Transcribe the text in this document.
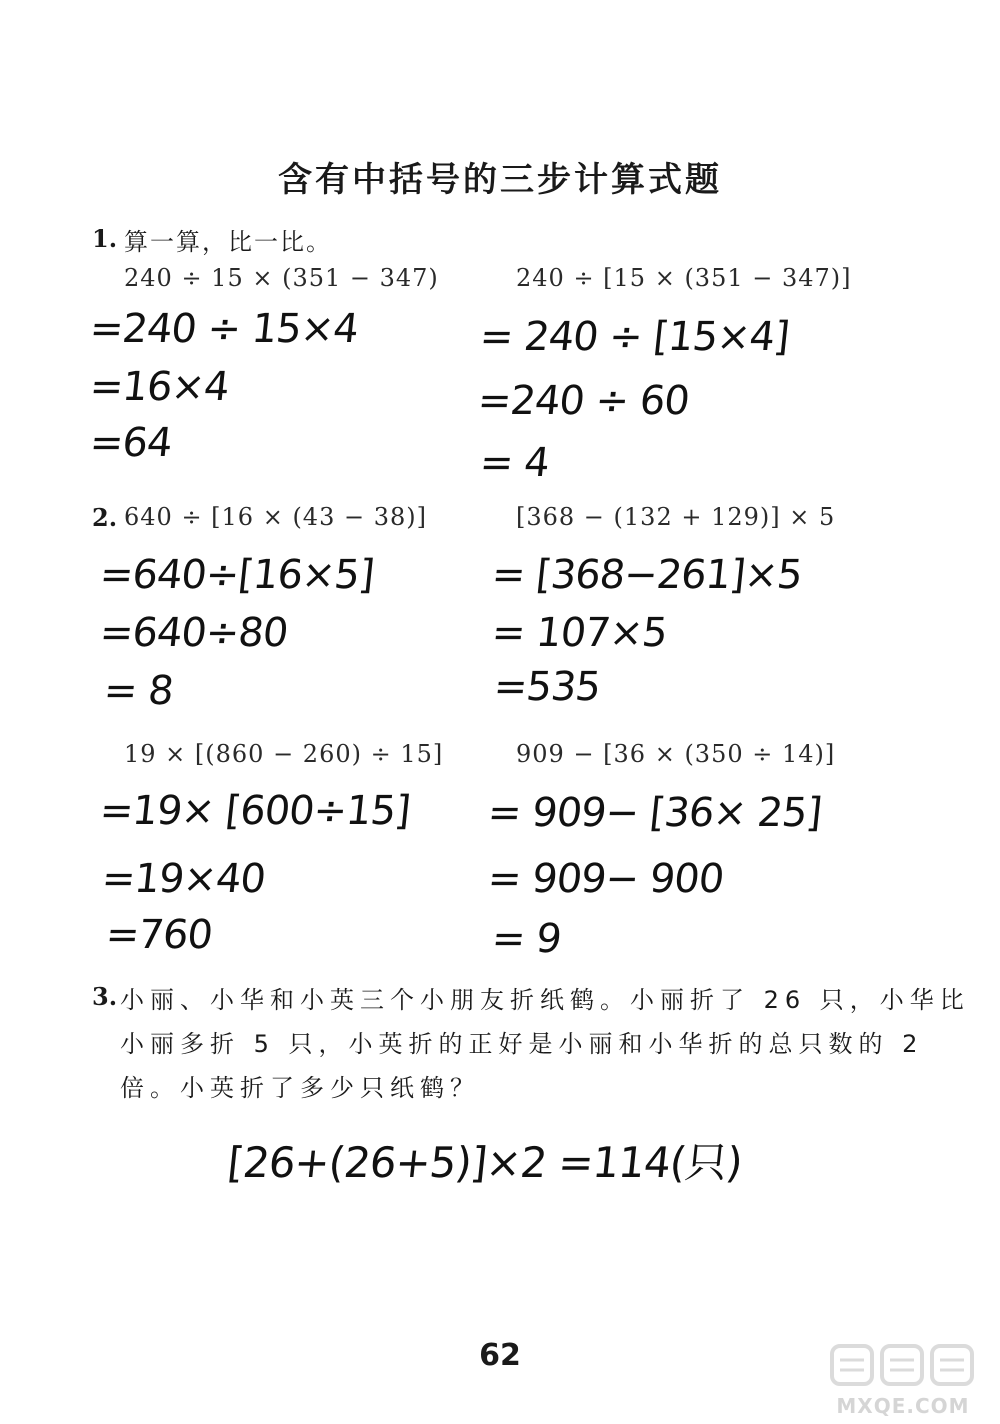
含有中括号的三步计算式题
1. 算一算，比一比。
240 ÷ 15 × (351 − 347)
=240 ÷ 15×4
=16×4
=64
240 ÷ [15 × (351 − 347)]
= 240 ÷ [15×4]
=240 ÷ 60
= 4
2. 640 ÷ [16 × (43 − 38)]
=640÷[16×5]
=640÷80
= 8
[368 − (132 + 129)] × 5
= [368−261]×5
= 107×5
=535
19 × [(860 − 260) ÷ 15]
=19× [600÷15]
=19×40
=760
909 − [36 × (350 ÷ 14)]
= 909− [36× 25]
= 909− 900
= 9
3. 小丽、小华和小英三个小朋友折纸鹤。小丽折了 26 只，小华比
小丽多折 5 只，小英折的正好是小丽和小华折的总只数的 2
倍。小英折了多少只纸鹤？
[26+(26+5)]×2 =114(只)
62
MXQE.COM
